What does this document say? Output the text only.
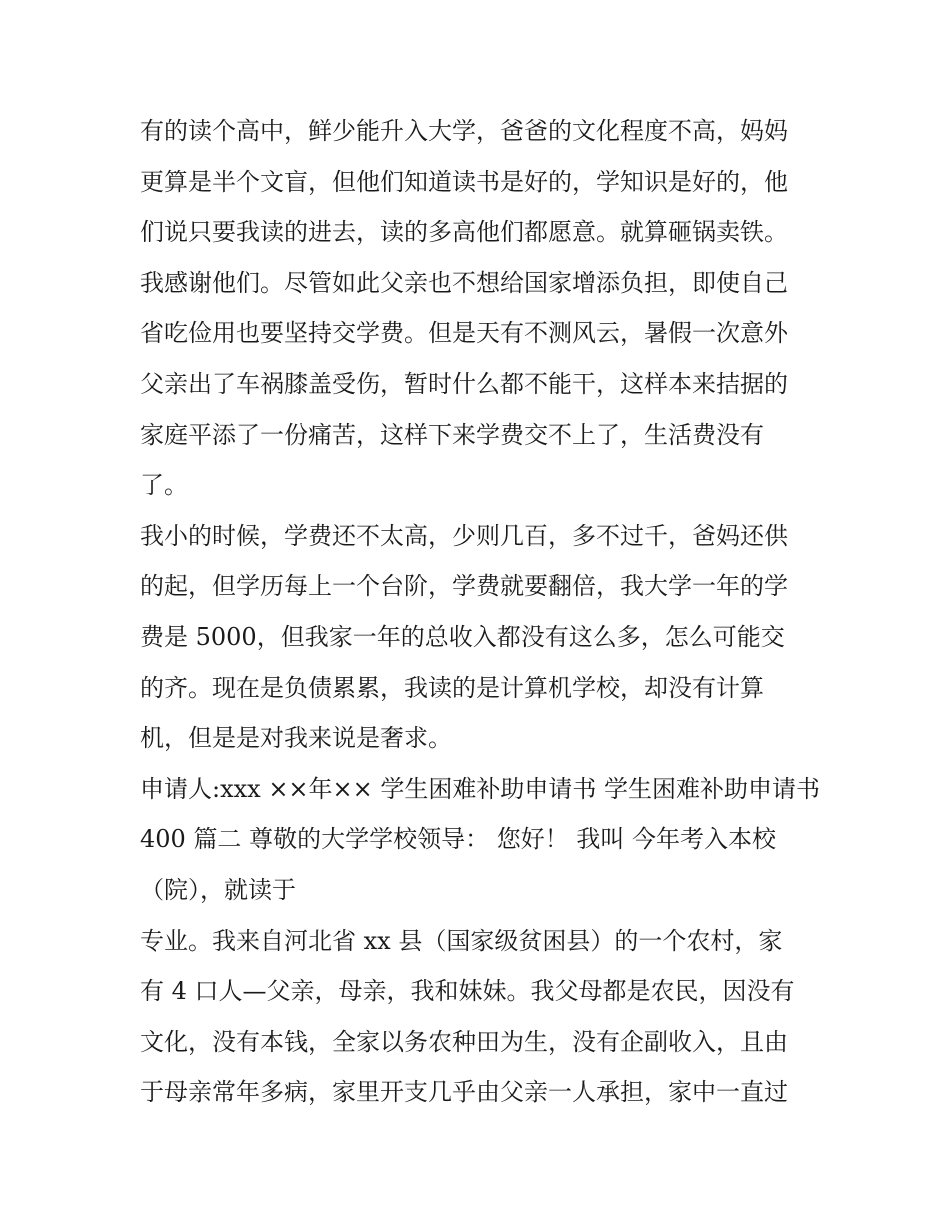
有的读个高中，鲜少能升入大学，爸爸的文化程度不高，妈妈
更算是半个文盲，但他们知道读书是好的，学知识是好的，他
们说只要我读的进去，读的多高他们都愿意。就算砸锅卖铁。
我感谢他们。尽管如此父亲也不想给国家增添负担，即使自己
省吃俭用也要坚持交学费。但是天有不测风云，暑假一次意外
父亲出了车祸膝盖受伤，暂时什么都不能干，这样本来拮据的
家庭平添了一份痛苦，这样下来学费交不上了，生活费没有
了。
我小的时候，学费还不太高，少则几百，多不过千，爸妈还供
的起，但学历每上一个台阶，学费就要翻倍，我大学一年的学
费是 5000，但我家一年的总收入都没有这么多，怎么可能交
的齐。现在是负债累累，我读的是计算机学校，却没有计算
机，但是是对我来说是奢求。
申请人:xxx ××年×× 学生困难补助申请书 学生困难补助申请书
400 篇二 尊敬的大学学校领导： 您好！ 我叫 今年考入本校
（院），就读于
专业。我来自河北省 xx 县（国家级贫困县）的一个农村，家
有 4 口人—父亲，母亲，我和妹妹。我父母都是农民，因没有
文化，没有本钱，全家以务农种田为生，没有企副收入，且由
于母亲常年多病，家里开支几乎由父亲一人承担，家中一直过
